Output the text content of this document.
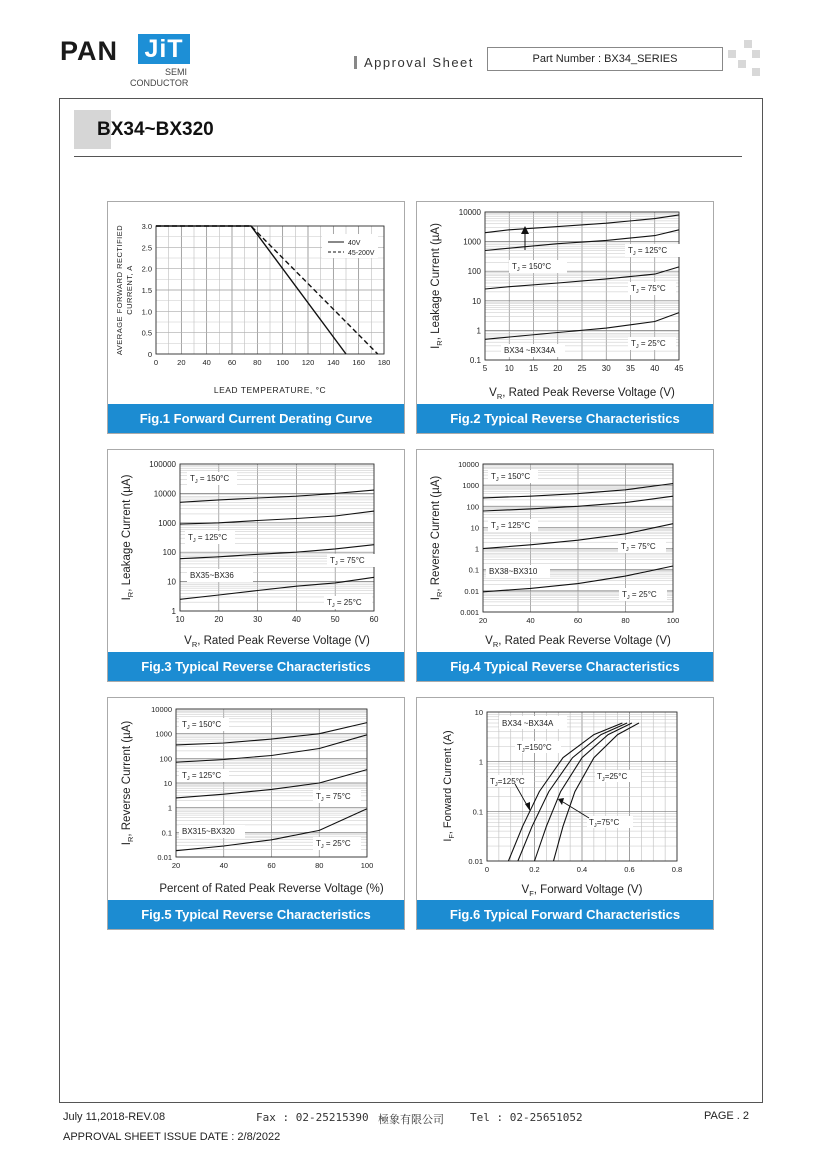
PAN JiT
SEMI
CONDUCTOR
Approval Sheet	Part Number : BX34_SERIES
BX34~BX320
0	20 40 60 80 100 120 140 160 180
0
0.5
1.0
1.5
2.0
2.5
3.0
LEAD TEMPERATURE, °C
AVERAGE FORWARD RECTIFIED CURRENT, A
40V
45-200V
Fig.1 Forward Current Derating Curve
5 10 15 20 25 30 35 40 45
0.1
1
10
100
1000
10000
$V_R$, Rated Peak Reverse Voltage (V)
$I_R$, Leakage Current (µA)	$T_J = 150^\circ C$
$T_J = 125^\circ C$
$T_J = 75^\circ C$
$T_J = 25^\circ C$
BX34 ~BX34A
Fig.2 Typical Reverse Characteristics
10	20	30	40	50	60
1
10
100
1000
10000
100000
$V_R$, Rated Peak Reverse Voltage (V)
$I_R$, Leakage Current (µA)	$T_J = 150^\circ C$
$T_J = 125^\circ C$
$T_J = 75^\circ C$
$T_J = 25^\circ C$
BX35~BX36
Fig.3 Typical Reverse Characteristics
20	40	60	80	100
0.001
0.01
0.1
1
10
100
1000
10000
$V_R$, Rated Peak Reverse Voltage (V)
$I_R$, Reverse Current (µA)	$T_J = 150^\circ C$
$T_J = 125^\circ C$
$T_J = 75^\circ C$
$T_J = 25^\circ C$
BX38~BX310
Fig.4 Typical Reverse Characteristics
20	40	60	80	100
0.01
0.1
1
10
100
1000
10000
Percent of Rated Peak Reverse Voltage (%)
$I_R$, Reverse Current (µA)	$T_J = 150^\circ C$
$T_J = 125^\circ C$
$T_J = 75^\circ C$
$T_J = 25^\circ C$
BX315~BX320
Fig.5 Typical Reverse Characteristics
0	0.2	0.4	0.6	0.8
0.01
0.1
1
10
$V_F$, Forward Voltage (V)
$I_F$, Forward Current (A)
BX34 ~BX34A
$T_J=150^\circ C$
$T_J=125^\circ C$
$T_J=25^\circ C$
$T_J=75^\circ C$
Fig.6 Typical Forward Characteristics
July 11,2018-REV.08	Fax : 02-25215390 極象有限公司 Tel : 02-25651052	PAGE . 2
APPROVAL SHEET ISSUE DATE : 2/8/2022
